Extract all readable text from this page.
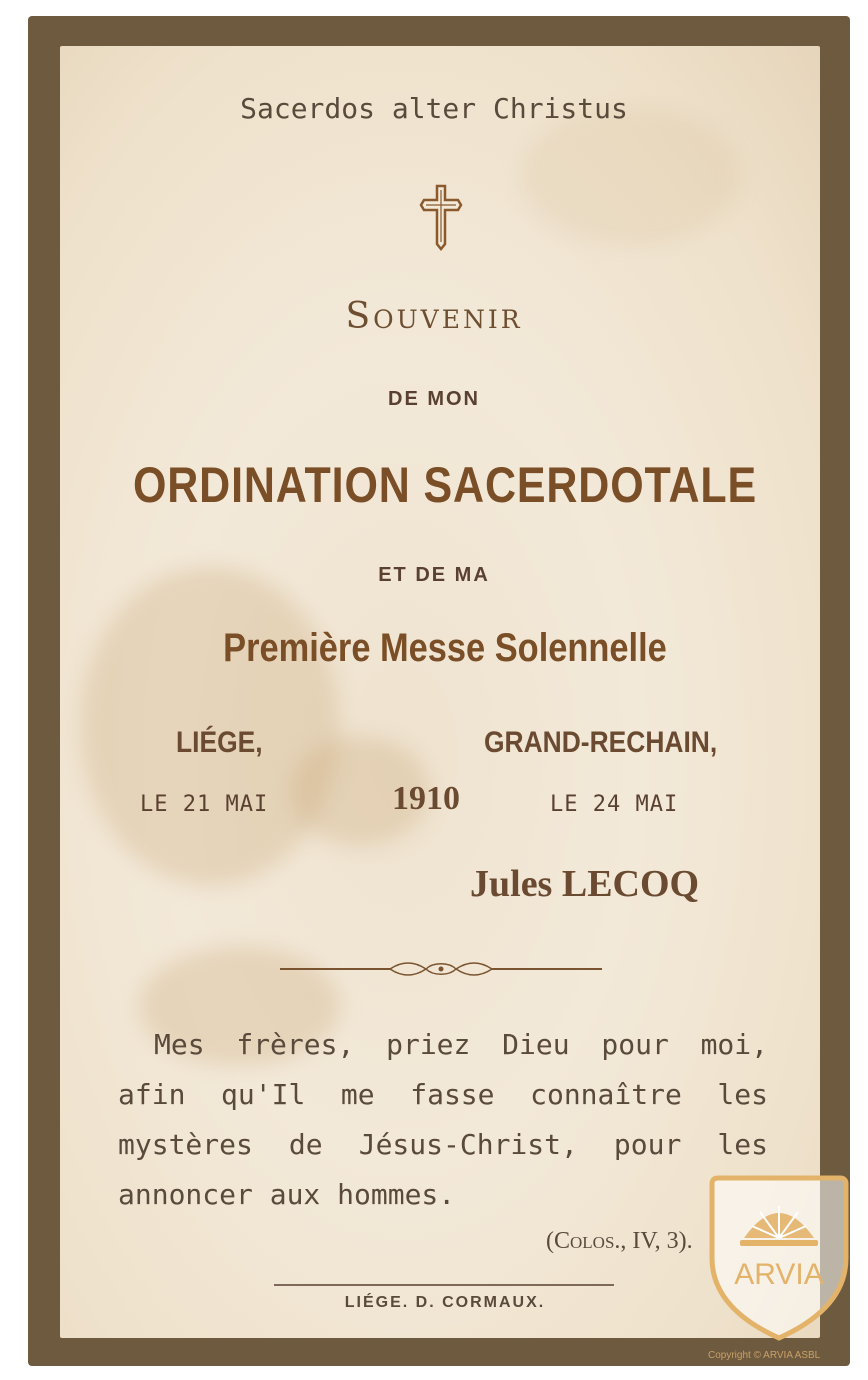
Sacerdos alter Christus
Souvenir
DE MON
ORDINATION SACERDOTALE
ET DE MA
Première Messe Solennelle
LIÉGE,	GRAND-RECHAIN,
LE 21 MAI	1910	LE 24 MAI
Jules LECOQ
Mes frères, priez Dieu pour moi, afin qu'Il me fasse connaître les mystères de Jésus-Christ, pour les annoncer aux hommes.
(Colos., IV, 3).
LIÉGE. D. CORMAUX.
ARVIA
Copyright © ARVIA ASBL
